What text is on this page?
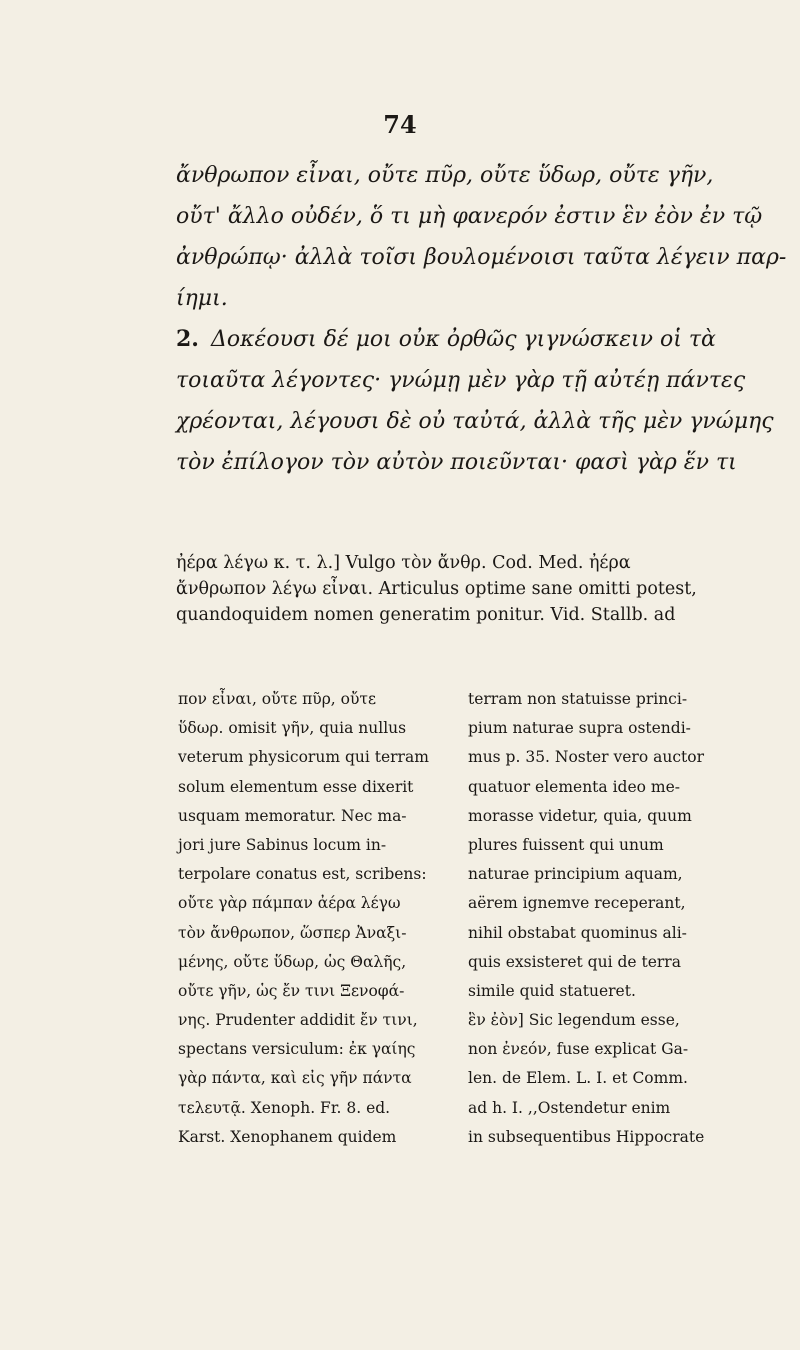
74
ἄνθρωπον εἶναι, οὔτε πῦρ, οὔτε ὕδωρ, οὔτε γῆν,
οὔτ' ἄλλο οὐδέν, ὅ τι μὴ φανερόν ἐστιν ἓν ἐὸν ἐν τῷ
ἀνθρώπῳ· ἀλλὰ τοῖσι βουλομένοισι ταῦτα λέγειν παρ-
ίημι.
2. Δοκέουσι δέ μοι οὐκ ὀρθῶς γιγνώσκειν οἱ τὰ
τοιαῦτα λέγοντες· γνώμῃ μὲν γὰρ τῇ αὐτέῃ πάντες
χρέονται, λέγουσι δὲ οὐ ταὐτά, ἀλλὰ τῆς μὲν γνώμης
τὸν ἐπίλογον τὸν αὐτὸν ποιεῦνται· φασὶ γὰρ ἕν τι
ἠέρα λέγω κ. τ. λ.] Vulgo τὸν ἄνθρ. Cod. Med. ἠέρα
ἄνθρωπον λέγω εἶναι. Articulus optime sane omitti potest,
quandoquidem nomen generatim ponitur. Vid. Stallb. ad
πον εἶναι, οὔτε πῦρ, οὔτε
ὕδωρ. omisit γῆν, quia nullus
veterum physicorum qui terram
solum elementum esse dixerit
usquam memoratur. Nec ma-
jori jure Sabinus locum in-
terpolare conatus est, scribens:
οὔτε γὰρ πάμπαν ἀέρα λέγω
τὸν ἄνθρωπον, ὥσπερ Ἀναξι-
μένης, οὔτε ὕδωρ, ὡς Θαλῆς,
οὔτε γῆν, ὡς ἔν τινι Ξενοφά-
νης. Prudenter addidit ἔν τινι,
spectans versiculum: ἐκ γαίης
γὰρ πάντα, καὶ εἰς γῆν πάντα
τελευτᾷ. Xenoph. Fr. 8. ed.
Karst. Xenophanem quidem
terram non statuisse princi-
pium naturae supra ostendi-
mus p. 35. Noster vero auctor
quatuor elementa ideo me-
morasse videtur, quia, quum
plures fuissent qui unum
naturae principium aquam,
aërem ignemve receperant,
nihil obstabat quominus ali-
quis exsisteret qui de terra
simile quid statueret.
ἓν ἐὸν] Sic legendum esse,
non ἐνεόν, fuse explicat Ga-
len. de Elem. L. I. et Comm.
ad h. I. ,,Ostendetur enim
in subsequentibus Hippocrate
